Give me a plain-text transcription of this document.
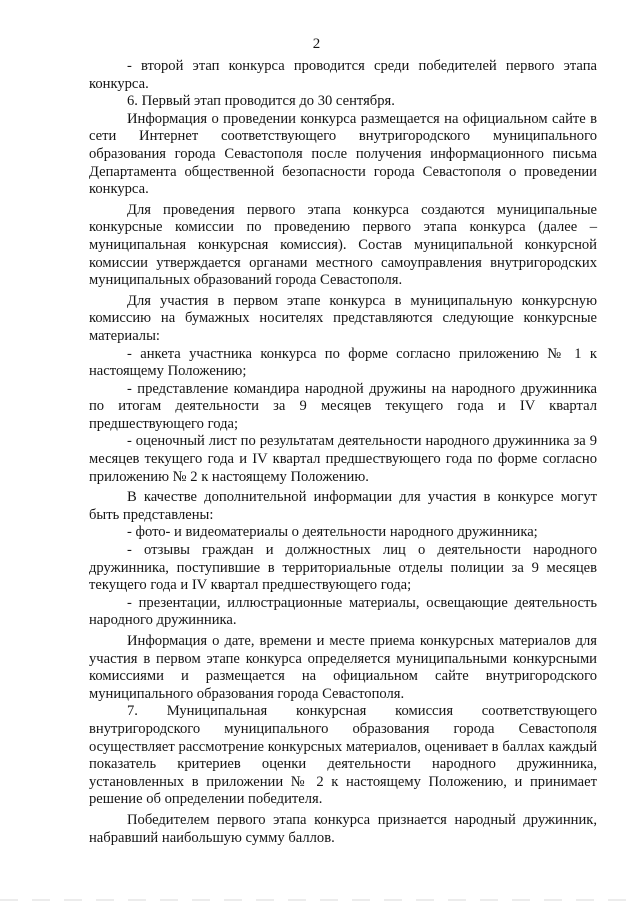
2

- второй этап конкурса проводится среди победителей первого этапа конкурса.

6. Первый этап проводится до 30 сентября.

Информация о проведении конкурса размещается на официальном сайте в сети Интернет соответствующего внутригородского муниципального образования города Севастополя после получения информационного письма Департамента общественной безопасности города Севастополя о проведении конкурса.

Для проведения первого этапа конкурса создаются муниципальные конкурсные комиссии по проведению первого этапа конкурса (далее – муниципальная конкурсная комиссия). Состав муниципальной конкурсной комиссии утверждается органами местного самоуправления внутригородских муниципальных образований города Севастополя.

Для участия в первом этапе конкурса в муниципальную конкурсную комиссию на бумажных носителях представляются следующие конкурсные материалы:

- анкета участника конкурса по форме согласно приложению № 1 к настоящему Положению;

- представление командира народной дружины на народного дружинника по итогам деятельности за 9 месяцев текущего года и IV квартал предшествующего года;

- оценочный лист по результатам деятельности народного дружинника за 9 месяцев текущего года и IV квартал предшествующего года по форме согласно приложению № 2 к настоящему Положению.

В качестве дополнительной информации для участия в конкурсе могут быть представлены:

- фото- и видеоматериалы о деятельности народного дружинника;

- отзывы граждан и должностных лиц о деятельности народного дружинника, поступившие в территориальные отделы полиции за 9 месяцев текущего года и IV квартал предшествующего года;

- презентации, иллюстрационные материалы, освещающие деятельность народного дружинника.

Информация о дате, времени и месте приема конкурсных материалов для участия в первом этапе конкурса определяется муниципальными конкурсными комиссиями и размещается на официальном сайте внутригородского муниципального образования города Севастополя.

7. Муниципальная конкурсная комиссия соответствующего внутригородского муниципального образования города Севастополя осуществляет рассмотрение конкурсных материалов, оценивает в баллах каждый показатель критериев оценки деятельности народного дружинника, установленных в приложении № 2 к настоящему Положению, и принимает решение об определении победителя.

Победителем первого этапа конкурса признается народный дружинник, набравший наибольшую сумму баллов.
